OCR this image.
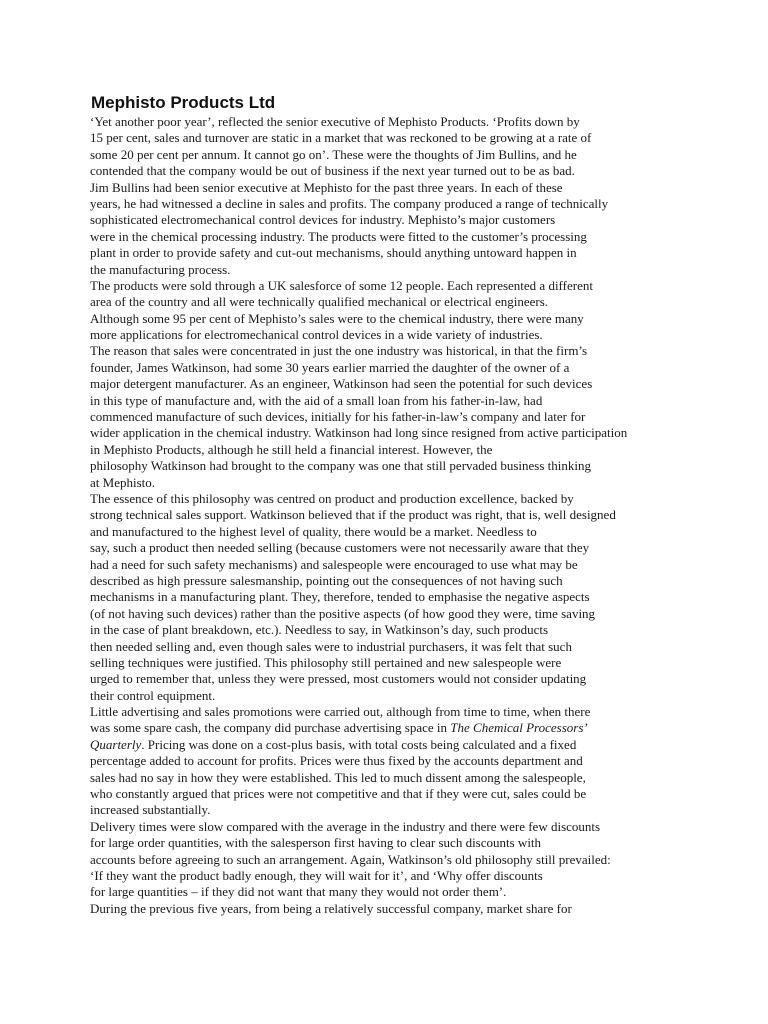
Mephisto Products Ltd
‘Yet another poor year’, reflected the senior executive of Mephisto Products. ‘Profits down by
15 per cent, sales and turnover are static in a market that was reckoned to be growing at a rate of
some 20 per cent per annum. It cannot go on’. These were the thoughts of Jim Bullins, and he
contended that the company would be out of business if the next year turned out to be as bad.
Jim Bullins had been senior executive at Mephisto for the past three years. In each of these
years, he had witnessed a decline in sales and profits. The company produced a range of technically
sophisticated electromechanical control devices for industry. Mephisto’s major customers
were in the chemical processing industry. The products were fitted to the customer’s processing
plant in order to provide safety and cut-out mechanisms, should anything untoward happen in
the manufacturing process.
The products were sold through a UK salesforce of some 12 people. Each represented a different
area of the country and all were technically qualified mechanical or electrical engineers.
Although some 95 per cent of Mephisto’s sales were to the chemical industry, there were many
more applications for electromechanical control devices in a wide variety of industries.
The reason that sales were concentrated in just the one industry was historical, in that the firm’s
founder, James Watkinson, had some 30 years earlier married the daughter of the owner of a
major detergent manufacturer. As an engineer, Watkinson had seen the potential for such devices
in this type of manufacture and, with the aid of a small loan from his father-in-law, had
commenced manufacture of such devices, initially for his father-in-law’s company and later for
wider application in the chemical industry. Watkinson had long since resigned from active participation
in Mephisto Products, although he still held a financial interest. However, the
philosophy Watkinson had brought to the company was one that still pervaded business thinking
at Mephisto.
The essence of this philosophy was centred on product and production excellence, backed by
strong technical sales support. Watkinson believed that if the product was right, that is, well designed
and manufactured to the highest level of quality, there would be a market. Needless to
say, such a product then needed selling (because customers were not necessarily aware that they
had a need for such safety mechanisms) and salespeople were encouraged to use what may be
described as high pressure salesmanship, pointing out the consequences of not having such
mechanisms in a manufacturing plant. They, therefore, tended to emphasise the negative aspects
(of not having such devices) rather than the positive aspects (of how good they were, time saving
in the case of plant breakdown, etc.). Needless to say, in Watkinson’s day, such products
then needed selling and, even though sales were to industrial purchasers, it was felt that such
selling techniques were justified. This philosophy still pertained and new salespeople were
urged to remember that, unless they were pressed, most customers would not consider updating
their control equipment.
Little advertising and sales promotions were carried out, although from time to time, when there
was some spare cash, the company did purchase advertising space in The Chemical Processors’
Quarterly. Pricing was done on a cost-plus basis, with total costs being calculated and a fixed
percentage added to account for profits. Prices were thus fixed by the accounts department and
sales had no say in how they were established. This led to much dissent among the salespeople,
who constantly argued that prices were not competitive and that if they were cut, sales could be
increased substantially.
Delivery times were slow compared with the average in the industry and there were few discounts
for large order quantities, with the salesperson first having to clear such discounts with
accounts before agreeing to such an arrangement. Again, Watkinson’s old philosophy still prevailed:
‘If they want the product badly enough, they will wait for it’, and ‘Why offer discounts
for large quantities – if they did not want that many they would not order them’.
During the previous five years, from being a relatively successful company, market share for
